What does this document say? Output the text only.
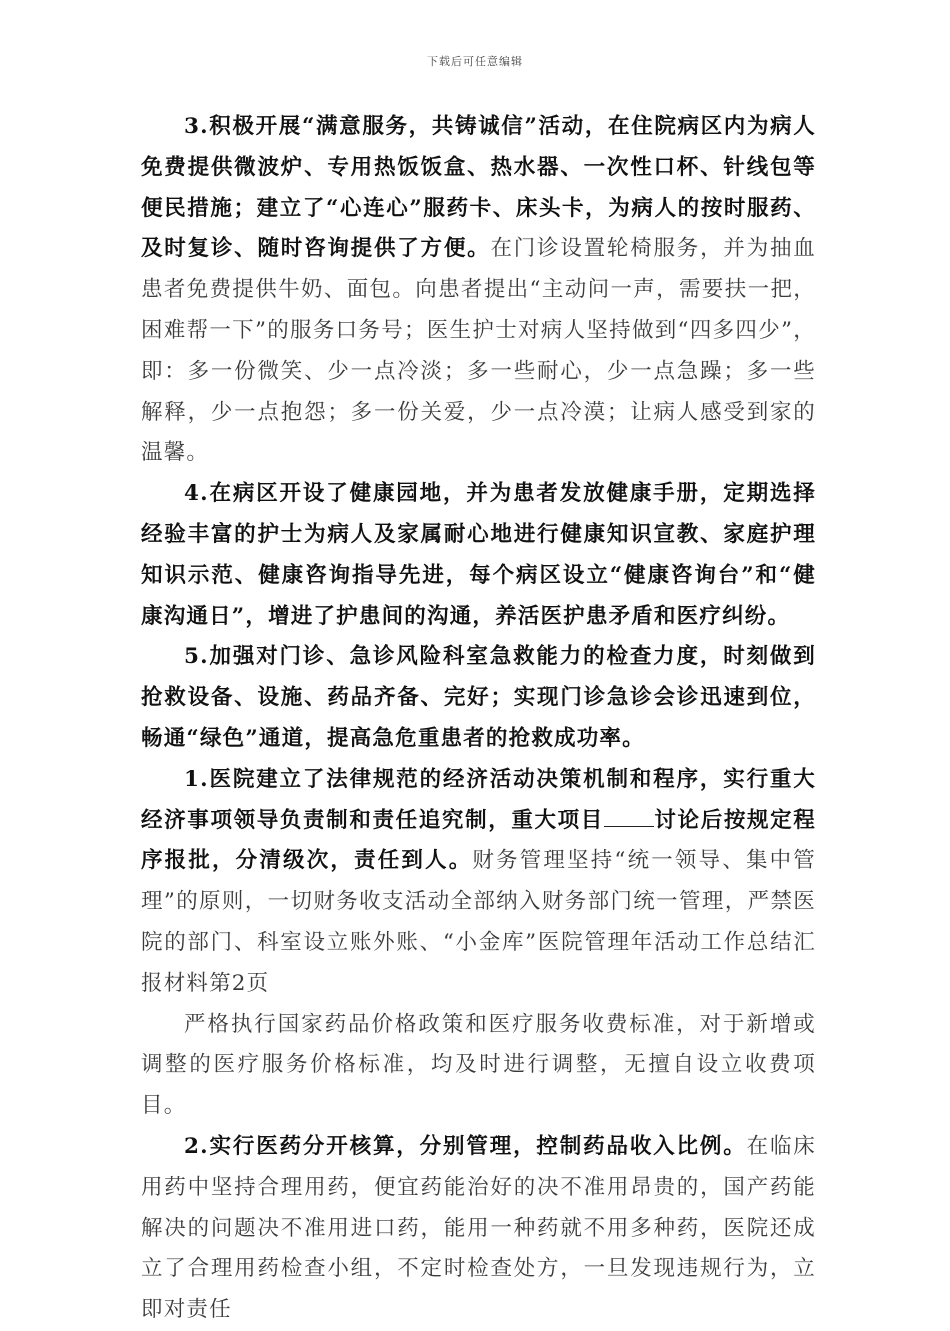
下载后可任意编辑

3.积极开展“满意服务，共铸诚信”活动，在住院病区内为病人免费提供微波炉、专用热饭饭盒、热水器、一次性口杯、针线包等便民措施；建立了“心连心”服药卡、床头卡，为病人的按时服药、及时复诊、随时咨询提供了方便。在门诊设置轮椅服务，并为抽血患者免费提供牛奶、面包。向患者提出“主动问一声，需要扶一把，困难帮一下”的服务口务号；医生护士对病人坚持做到“四多四少”，即：多一份微笑、少一点冷淡；多一些耐心，少一点急躁；多一些解释，少一点抱怨；多一份关爱，少一点冷漠；让病人感受到家的温馨。

4.在病区开设了健康园地，并为患者发放健康手册，定期选择经验丰富的护士为病人及家属耐心地进行健康知识宣教、家庭护理知识示范、健康咨询指导先进，每个病区设立“健康咨询台”和“健康沟通日”，增进了护患间的沟通，养活医护患矛盾和医疗纠纷。

5.加强对门诊、急诊风险科室急救能力的检查力度，时刻做到抢救设备、设施、药品齐备、完好；实现门诊急诊会诊迅速到位，畅通“绿色”通道，提高急危重患者的抢救成功率。

1.医院建立了法律规范的经济活动决策机制和程序，实行重大经济事项领导负责制和责任追究制，重大项目 讨论后按规定程序报批，分清级次，责任到人。财务管理坚持“统一领导、集中管理”的原则，一切财务收支活动全部纳入财务部门统一管理，严禁医院的部门、科室设立账外账、“小金库”医院管理年活动工作总结汇报材料第2页

严格执行国家药品价格政策和医疗服务收费标准，对于新增或调整的医疗服务价格标准，均及时进行调整，无擅自设立收费项目。

2.实行医药分开核算，分别管理，控制药品收入比例。在临床用药中坚持合理用药，便宜药能治好的决不准用昂贵的，国产药能解决的问题决不准用进口药，能用一种药就不用多种药，医院还成立了合理用药检查小组，不定时检查处方，一旦发现违规行为，立即对责任
